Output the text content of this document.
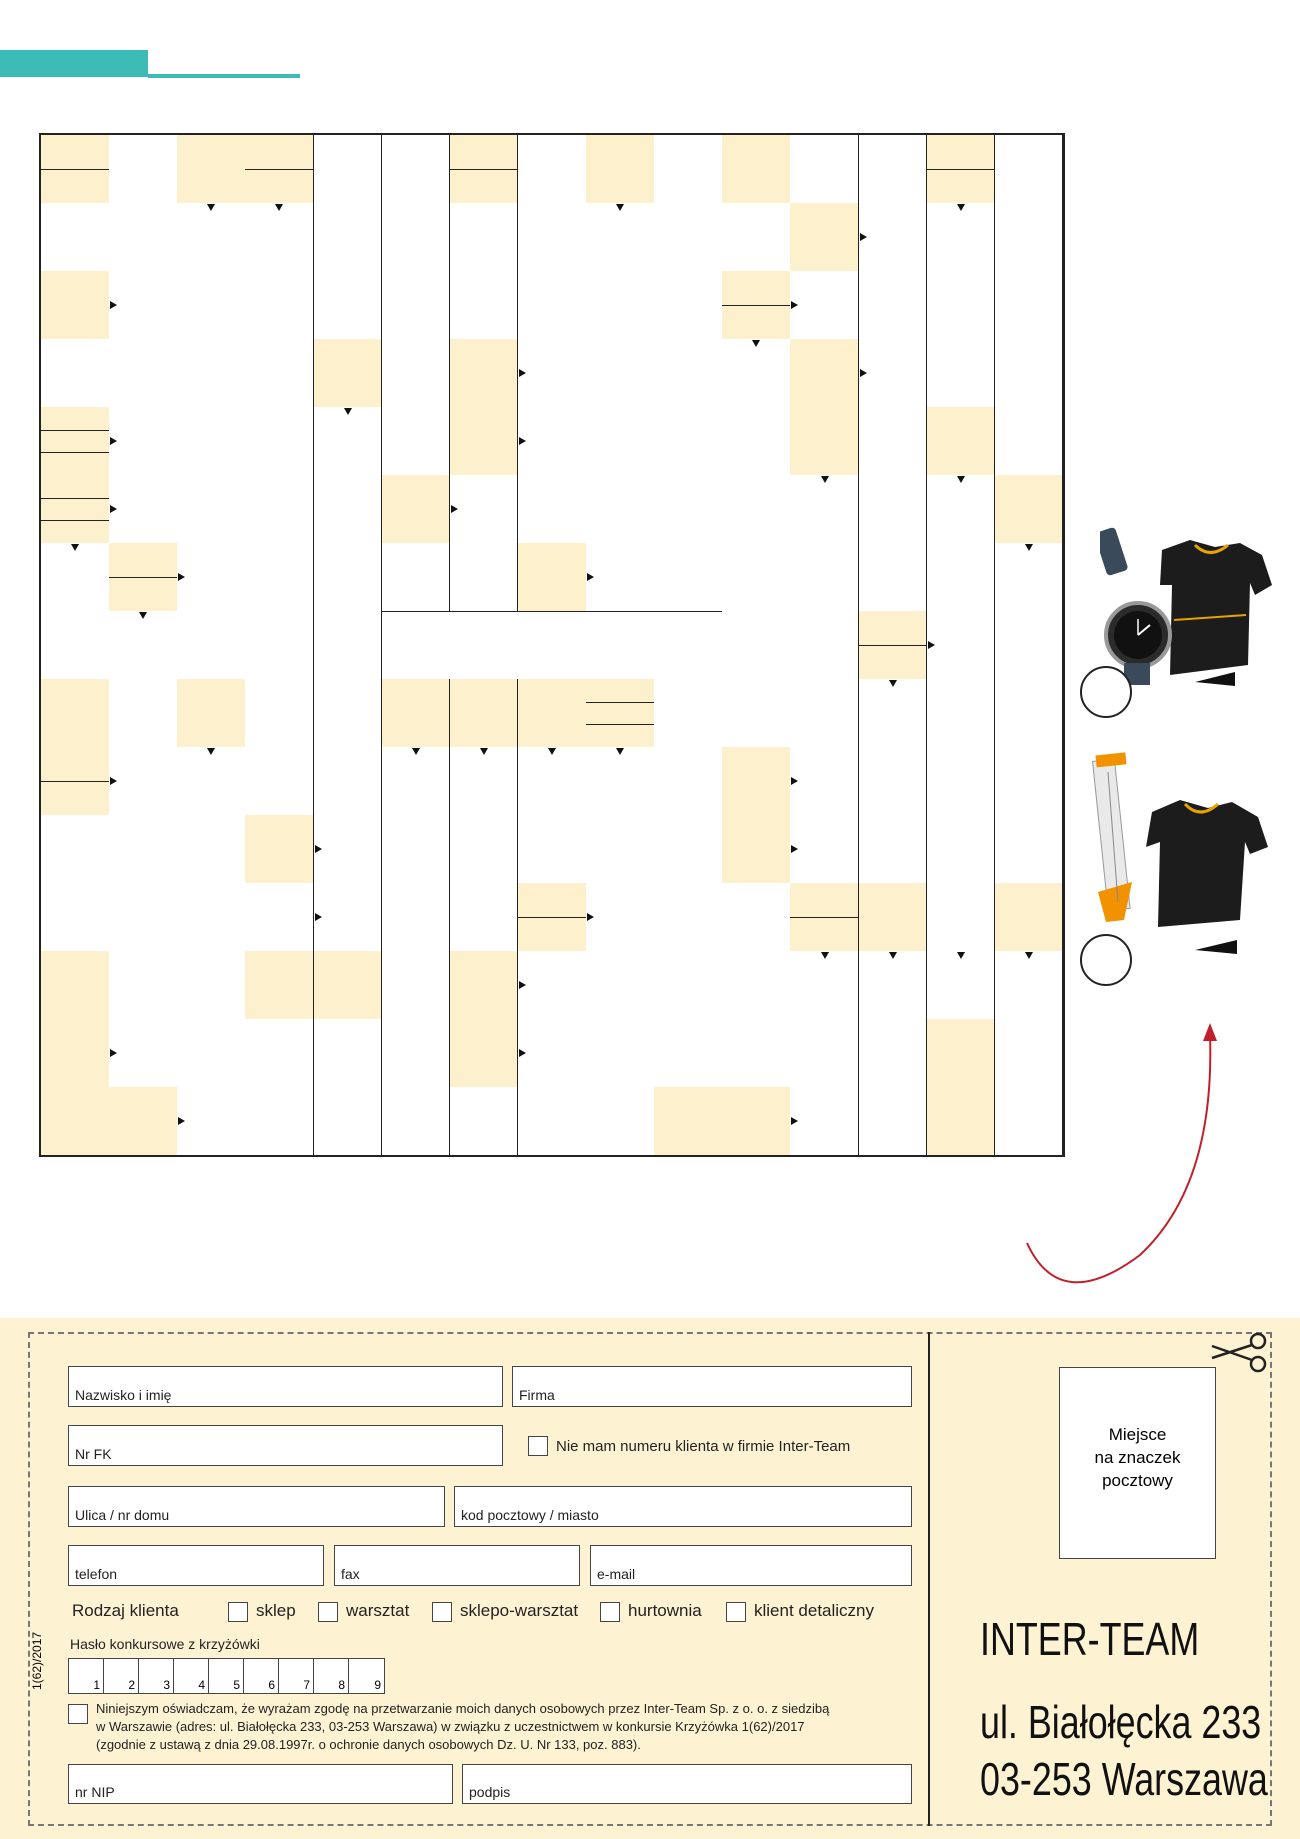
Nazwisko i imię	Firma
Nr FK	Nie mam numeru klienta w firmie Inter-Team
Ulica / nr domu	kod pocztowy / miasto
telefon	fax	e-mail
Rodzaj klienta	sklep	warsztat	sklepo-warsztat	hurtownia	klient detaliczny
Hasło konkursowe z krzyżówki
1 2 3 4 5 6 7 8 9
1(62)/2017
Niniejszym oświadczam, że wyrażam zgodę na przetwarzanie moich danych osobowych przez Inter-Team Sp. z o. o. z siedzibą
w Warszawie (adres: ul. Białołęcka 233, 03-253 Warszawa) w związku z uczestnictwem w konkursie Krzyżówka 1(62)/2017
(zgodnie z ustawą z dnia 29.08.1997r. o ochronie danych osobowych Dz. U. Nr 133, poz. 883).
nr NIP	podpis
Miejsce
na znaczek
pocztowy
INTER-TEAM
ul. Białołęcka 233
03-253 Warszawa
